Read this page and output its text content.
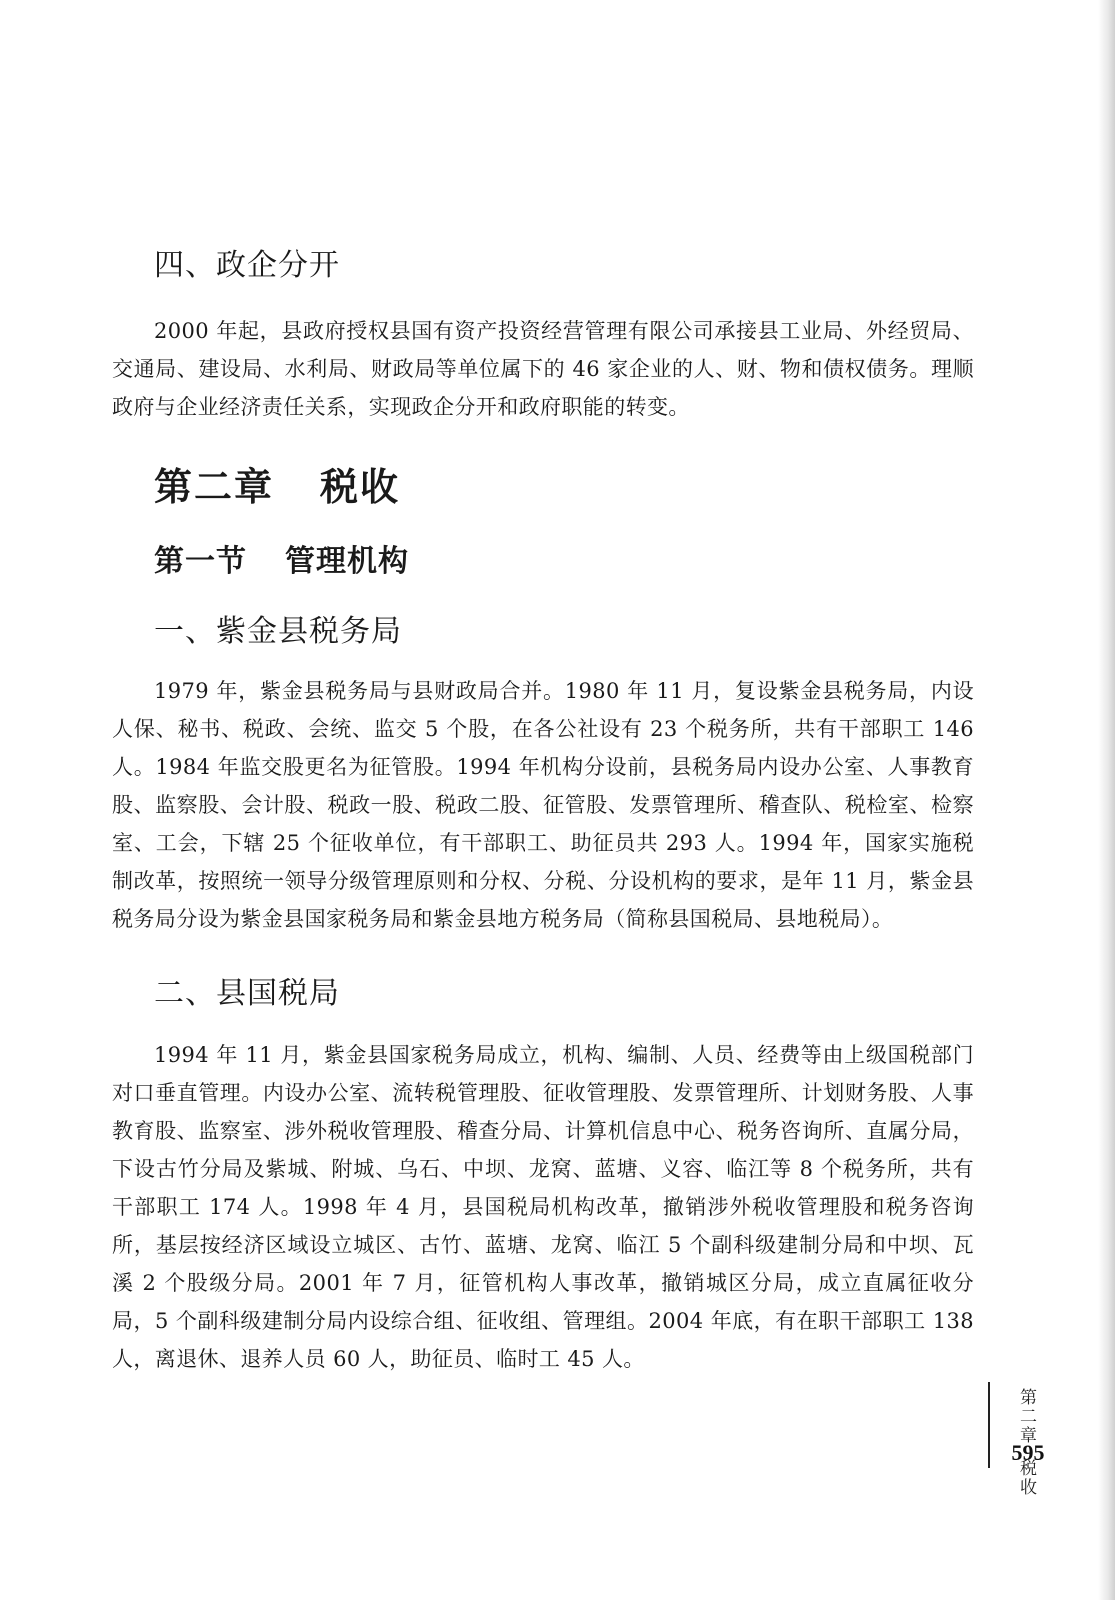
四、政企分开

2000 年起，县政府授权县国有资产投资经营管理有限公司承接县工业局、外经贸局、交通局、建设局、水利局、财政局等单位属下的 46 家企业的人、财、物和债权债务。理顺政府与企业经济责任关系，实现政企分开和政府职能的转变。

第二章 税收
第一节 管理机构
一、紫金县税务局

1979 年，紫金县税务局与县财政局合并。1980 年 11 月，复设紫金县税务局，内设人保、秘书、税政、会统、监交 5 个股，在各公社设有 23 个税务所，共有干部职工 146 人。1984 年监交股更名为征管股。1994 年机构分设前，县税务局内设办公室、人事教育股、监察股、会计股、税政一股、税政二股、征管股、发票管理所、稽查队、税检室、检察室、工会，下辖 25 个征收单位，有干部职工、助征员共 293 人。1994 年，国家实施税制改革，按照统一领导分级管理原则和分权、分税、分设机构的要求，是年 11 月，紫金县税务局分设为紫金县国家税务局和紫金县地方税务局（简称县国税局、县地税局）。

二、县国税局

1994 年 11 月，紫金县国家税务局成立，机构、编制、人员、经费等由上级国税部门对口垂直管理。内设办公室、流转税管理股、征收管理股、发票管理所、计划财务股、人事教育股、监察室、涉外税收管理股、稽查分局、计算机信息中心、税务咨询所、直属分局，下设古竹分局及紫城、附城、乌石、中坝、龙窝、蓝塘、义容、临江等 8 个税务所，共有干部职工 174 人。1998 年 4 月，县国税局机构改革，撤销涉外税收管理股和税务咨询所，基层按经济区域设立城区、古竹、蓝塘、龙窝、临江 5 个副科级建制分局和中坝、瓦溪 2 个股级分局。2001 年 7 月，征管机构人事改革，撤销城区分局，成立直属征收分局，5 个副科级建制分局内设综合组、征收组、管理组。2004 年底，有在职干部职工 138 人，离退休、退养人员 60 人，助征员、临时工 45 人。

第二章
税收
595
